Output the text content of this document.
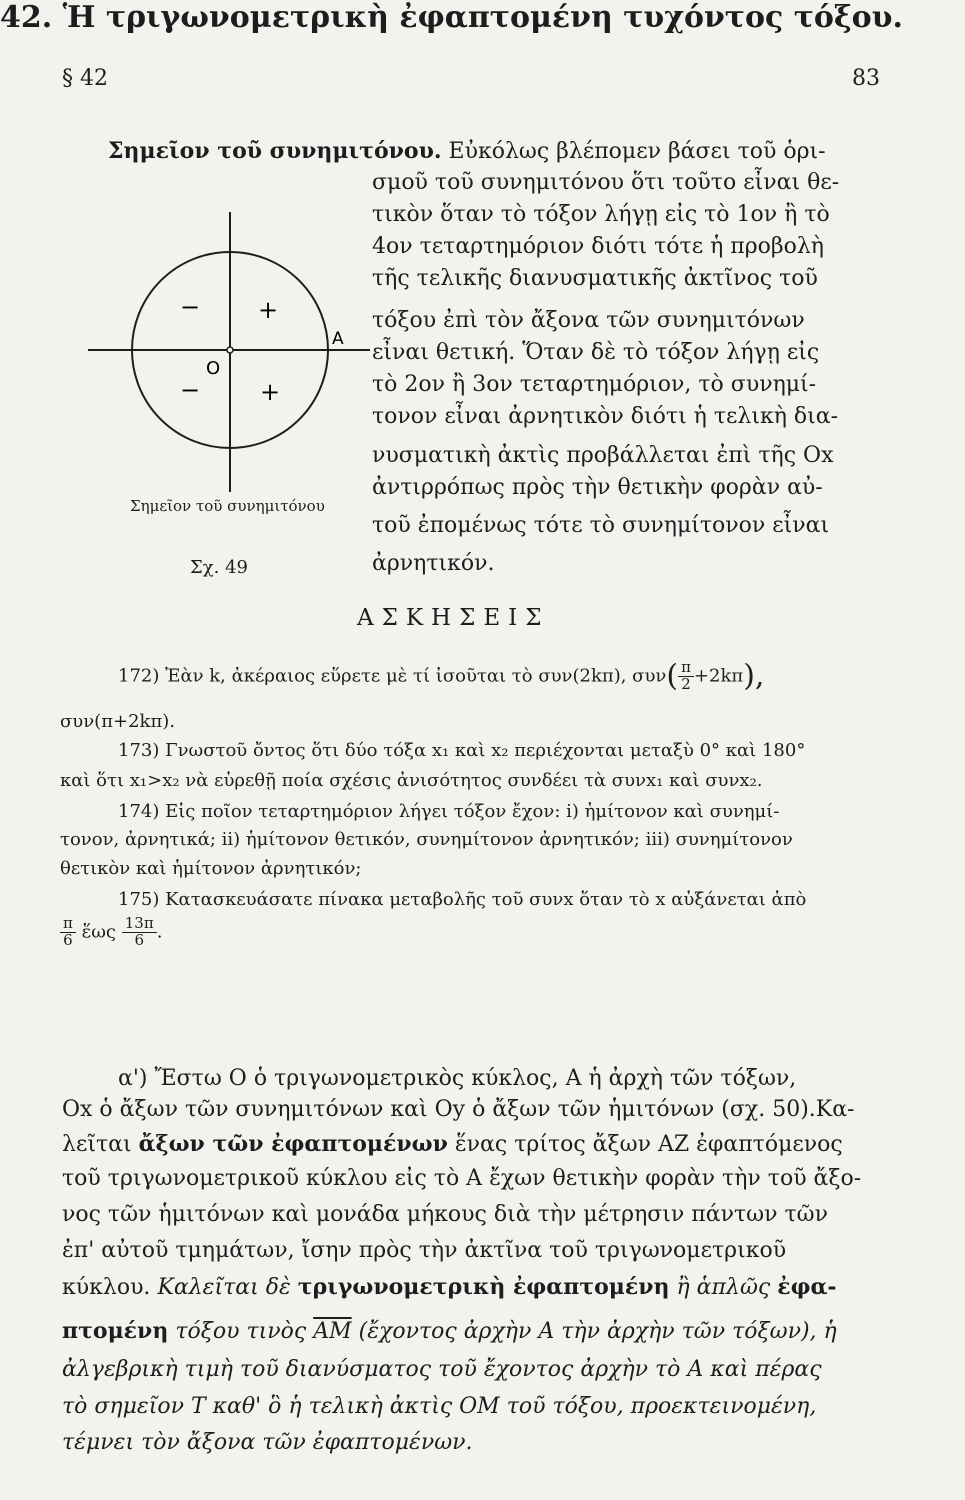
§ 42	83
Σημεῖον τοῦ συνημιτόνου. Εὐκόλως βλέπομεν βάσει τοῦ ὁρι-
σμοῦ τοῦ συνημιτόνου ὅτι τοῦτο εἶναι θε-
τικὸν ὅταν τὸ τόξον λήγῃ εἰς τὸ 1ον ἢ τὸ
4ον τεταρτημόριον διότι τότε ἡ προβολὴ
τῆς τελικῆς διανυσματικῆς ἀκτῖνος τοῦ
τόξου ἐπὶ τὸν ἄξονα τῶν συνημιτόνων
εἶναι θετική. Ὅταν δὲ τὸ τόξον λήγῃ εἰς
τὸ 2ον ἢ 3ον τεταρτημόριον, τὸ συνημί-
τονον εἶναι ἀρνητικὸν διότι ἡ τελικὴ δια-
νυσματικὴ ἀκτὶς προβάλλεται ἐπὶ τῆς Ox
ἀντιρρόπως πρὸς τὴν θετικὴν φορὰν αὐ-
τοῦ ἐπομένως τότε τὸ συνημίτονον εἶναι
ἀρνητικόν.
− +
− +
O
A
Σημεῖον τοῦ συνημιτόνου
Σχ. 49
ΑΣΚΗΣΕΙΣ
172) Ἐὰν k, ἀκέραιος εὕρετε μὲ τί ἰσοῦται τὸ συν(2kπ), $\sigma\upsilon\nu( \frac{\pi}{2} +2k\pi)$,
συν(π+2kπ).
173) Γνωστοῦ ὄντος ὅτι δύο τόξα x₁ καὶ x₂ περιέχονται μεταξὺ 0° καὶ 180°
καὶ ὅτι x₁>x₂ νὰ εὑρεθῇ ποία σχέσις ἀνισότητος συνδέει τὰ συνx₁ καὶ συνx₂.
174) Εἰς ποῖον τεταρτημόριον λήγει τόξον ἔχον: i) ἡμίτονον καὶ συνημί-
τονον, ἀρνητικά; ii) ἡμίτονον θετικόν, συνημίτονον ἀρνητικόν; iii) συνημίτονον
θετικὸν καὶ ἡμίτονον ἀρνητικόν;
175) Κατασκευάσατε πίνακα μεταβολῆς τοῦ συνx ὅταν τὸ x αὐξάνεται ἀπὸ
$\frac{\pi}{6}$ ἕως $\frac{13\pi}{6}$ .
42. Ἡ τριγωνομετρικὴ ἐφαπτομένη τυχόντος τόξου.
α') Ἔστω O ὁ τριγωνομετρικὸς κύκλος, A ἡ ἀρχὴ τῶν τόξων,
Ox ὁ ἄξων τῶν συνημιτόνων καὶ Oy ὁ ἄξων τῶν ἡμιτόνων (σχ. 50).Κα-
λεῖται ἄξων τῶν ἐφαπτομένων ἕνας τρίτος ἄξων AZ ἐφαπτόμενος
τοῦ τριγωνομετρικοῦ κύκλου εἰς τὸ A ἔχων θετικὴν φορὰν τὴν τοῦ ἄξο-
νος τῶν ἡμιτόνων καὶ μονάδα μήκους διὰ τὴν μέτρησιν πάντων τῶν
ἐπ' αὐτοῦ τμημάτων, ἴσην πρὸς τὴν ἀκτῖνα τοῦ τριγωνομετρικοῦ
κύκλου. Καλεῖται δὲ τριγωνομετρικὴ ἐφαπτομένη ἢ ἁπλῶς ἐφα-
πτομένη τόξου τινὸς $\overline{AM}$ (ἔχοντος ἀρχὴν A τὴν ἀρχὴν τῶν τόξων), ἡ
ἀλγεβρικὴ τιμὴ τοῦ διανύσματος τοῦ ἔχοντος ἀρχὴν τὸ A καὶ πέρας
τὸ σημεῖον T καθ' ὃ ἡ τελικὴ ἀκτὶς OM τοῦ τόξου, προεκτεινομένη,
τέμνει τὸν ἄξονα τῶν ἐφαπτομένων.
